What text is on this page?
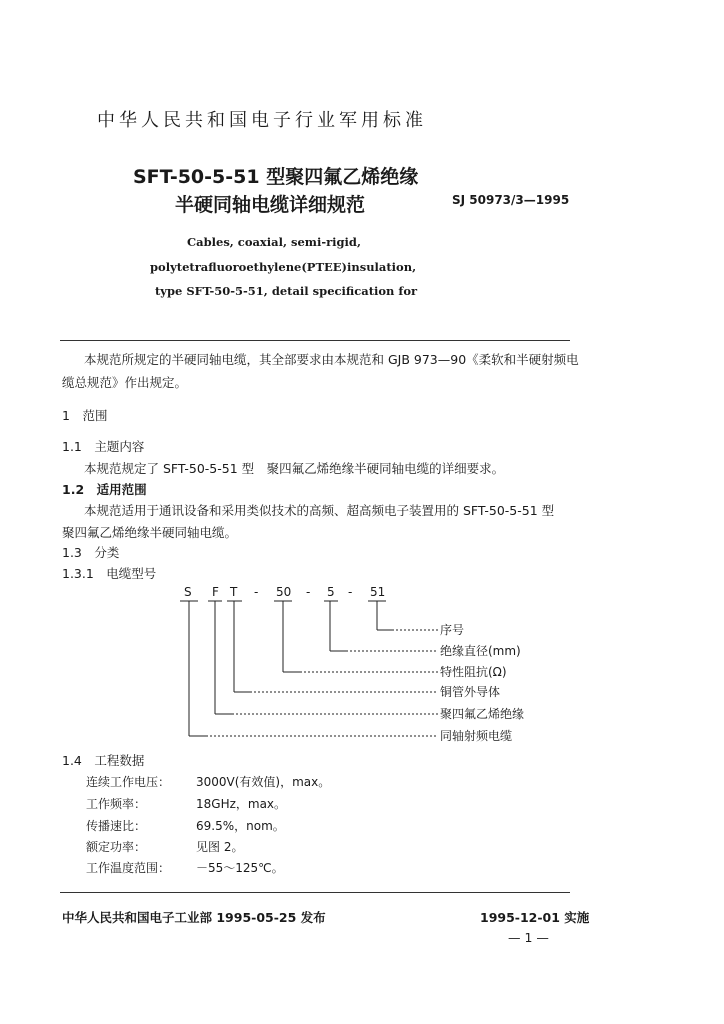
中华人民共和国电子行业军用标准
SFT-50-5-51 型聚四氟乙烯绝缘
半硬同轴电缆详细规范	SJ 50973/3—1995
Cables, coaxial, semi-rigid,
polytetrafluoroethylene(PTEE)insulation,
type SFT-50-5-51, detail specification for
本规范所规定的半硬同轴电缆，其全部要求由本规范和 GJB 973—90《柔软和半硬射频电
缆总规范》作出规定。
1　范围
1.1　主题内容
本规范规定了 SFT-50-5-51 型　聚四氟乙烯绝缘半硬同轴电缆的详细要求。
1.2　适用范围
本规范适用于通讯设备和采用类似技术的高频、超高频电子装置用的 SFT-50-5-51 型
聚四氟乙烯绝缘半硬同轴电缆。
1.3　分类
1.3.1　电缆型号
S F T - 50 - 5 - 51
序号
绝缘直径(mm)
特性阻抗(Ω)
铜管外导体
聚四氟乙烯绝缘
同轴射频电缆
1.4　工程数据
连续工作电压： 3000V(有效值)，max。
工作频率：	18GHz，max。
传播速比：	69.5%，nom。
额定功率：	见图 2。
工作温度范围： －55～125℃。
中华人民共和国电子工业部 1995-05-25 发布	1995-12-01 实施
— 1 —
